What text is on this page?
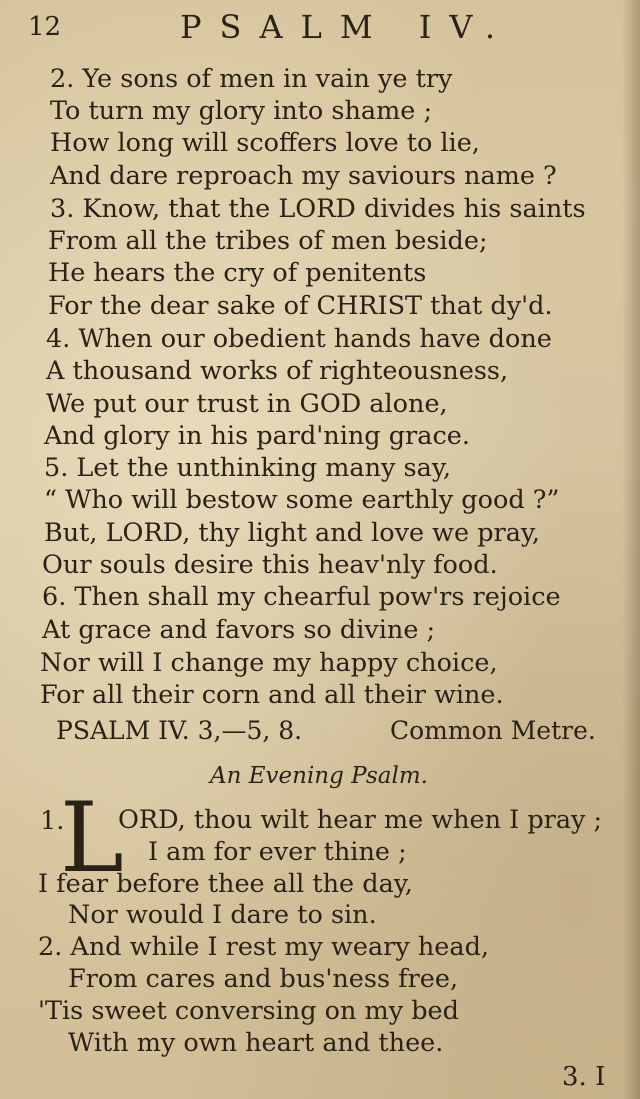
12	PSALM IV.
2. Ye sons of men in vain ye try
To turn my glory into shame ;
How long will scoffers love to lie,
And dare reproach my saviours name ?
3. Know, that the LORD divides his saints
From all the tribes of men beside;
He hears the cry of penitents
For the dear sake of CHRIST that dy'd.
4. When our obedient hands have done
A thousand works of righteousness,
We put our trust in GOD alone,
And glory in his pard'ning grace.
5. Let the unthinking many say,
“ Who will bestow some earthly good ?”
But, LORD, thy light and love we pray,
Our souls desire this heav'nly food.
6. Then shall my chearful pow'rs rejoice
At grace and favors so divine ;
Nor will I change my happy choice,
For all their corn and all their wine.
PSALM IV. 3,—5, 8.	Common Metre.
An Evening Psalm.
L
1. ORD, thou wilt hear me when I pray ;
I am for ever thine ;
I fear before thee all the day,
Nor would I dare to sin.
2. And while I rest my weary head,
From cares and bus'ness free,
'Tis sweet conversing on my bed
With my own heart and thee.
3. I
